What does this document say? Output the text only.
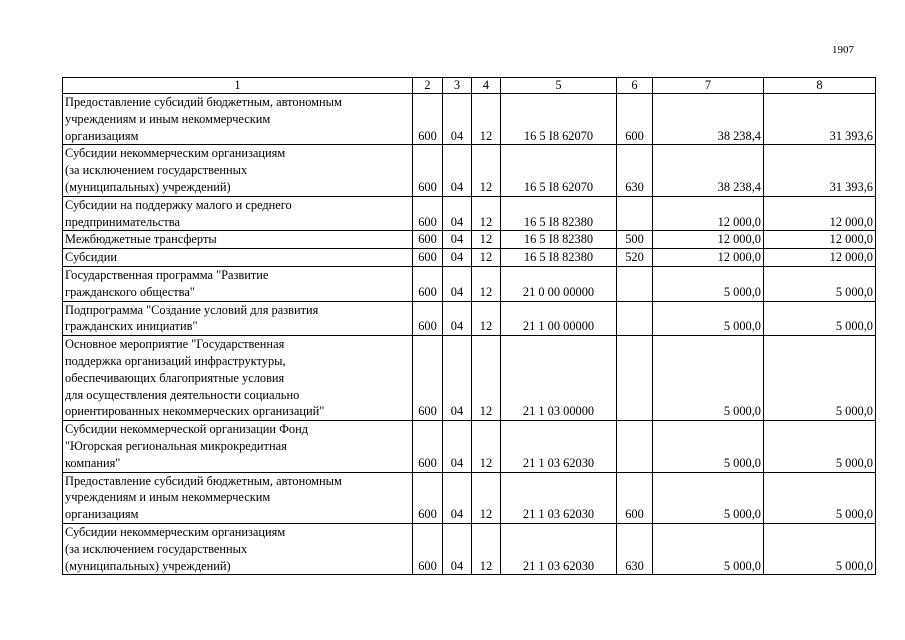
1907
1	2	3	4	5	6	7	8

Предоставление субсидий бюджетным, автономным
учреждениям и иным некоммерческим
организациям	600	04	12	16 5 I8 62070	600	38 238,4	31 393,6

Субсидии некоммерческим организациям
(за исключением государственных
(муниципальных) учреждений)	600	04	12	16 5 I8 62070	630	38 238,4	31 393,6

Субсидии на поддержку малого и среднего
предпринимательства	600	04	12	16 5 I8 82380		12 000,0	12 000,0

Межбюджетные трансферты	600	04	12	16 5 I8 82380	500	12 000,0	12 000,0

Субсидии	600	04	12	16 5 I8 82380	520	12 000,0	12 000,0

Государственная программа "Развитие
гражданского общества"	600	04	12	21 0 00 00000		5 000,0	5 000,0

Подпрограмма "Создание условий для развития
гражданских инициатив"	600	04	12	21 1 00 00000		5 000,0	5 000,0

Основное мероприятие "Государственная
поддержка организаций инфраструктуры,
обеспечивающих благоприятные условия
для осуществления деятельности социально
ориентированных некоммерческих организаций"	600	04	12	21 1 03 00000		5 000,0	5 000,0

Субсидии некоммерческой организации Фонд
"Югорская региональная микрокредитная
компания"	600	04	12	21 1 03 62030		5 000,0	5 000,0

Предоставление субсидий бюджетным, автономным
учреждениям и иным некоммерческим
организациям	600	04	12	21 1 03 62030	600	5 000,0	5 000,0

Субсидии некоммерческим организациям
(за исключением государственных
(муниципальных) учреждений)	600	04	12	21 1 03 62030	630	5 000,0	5 000,0
